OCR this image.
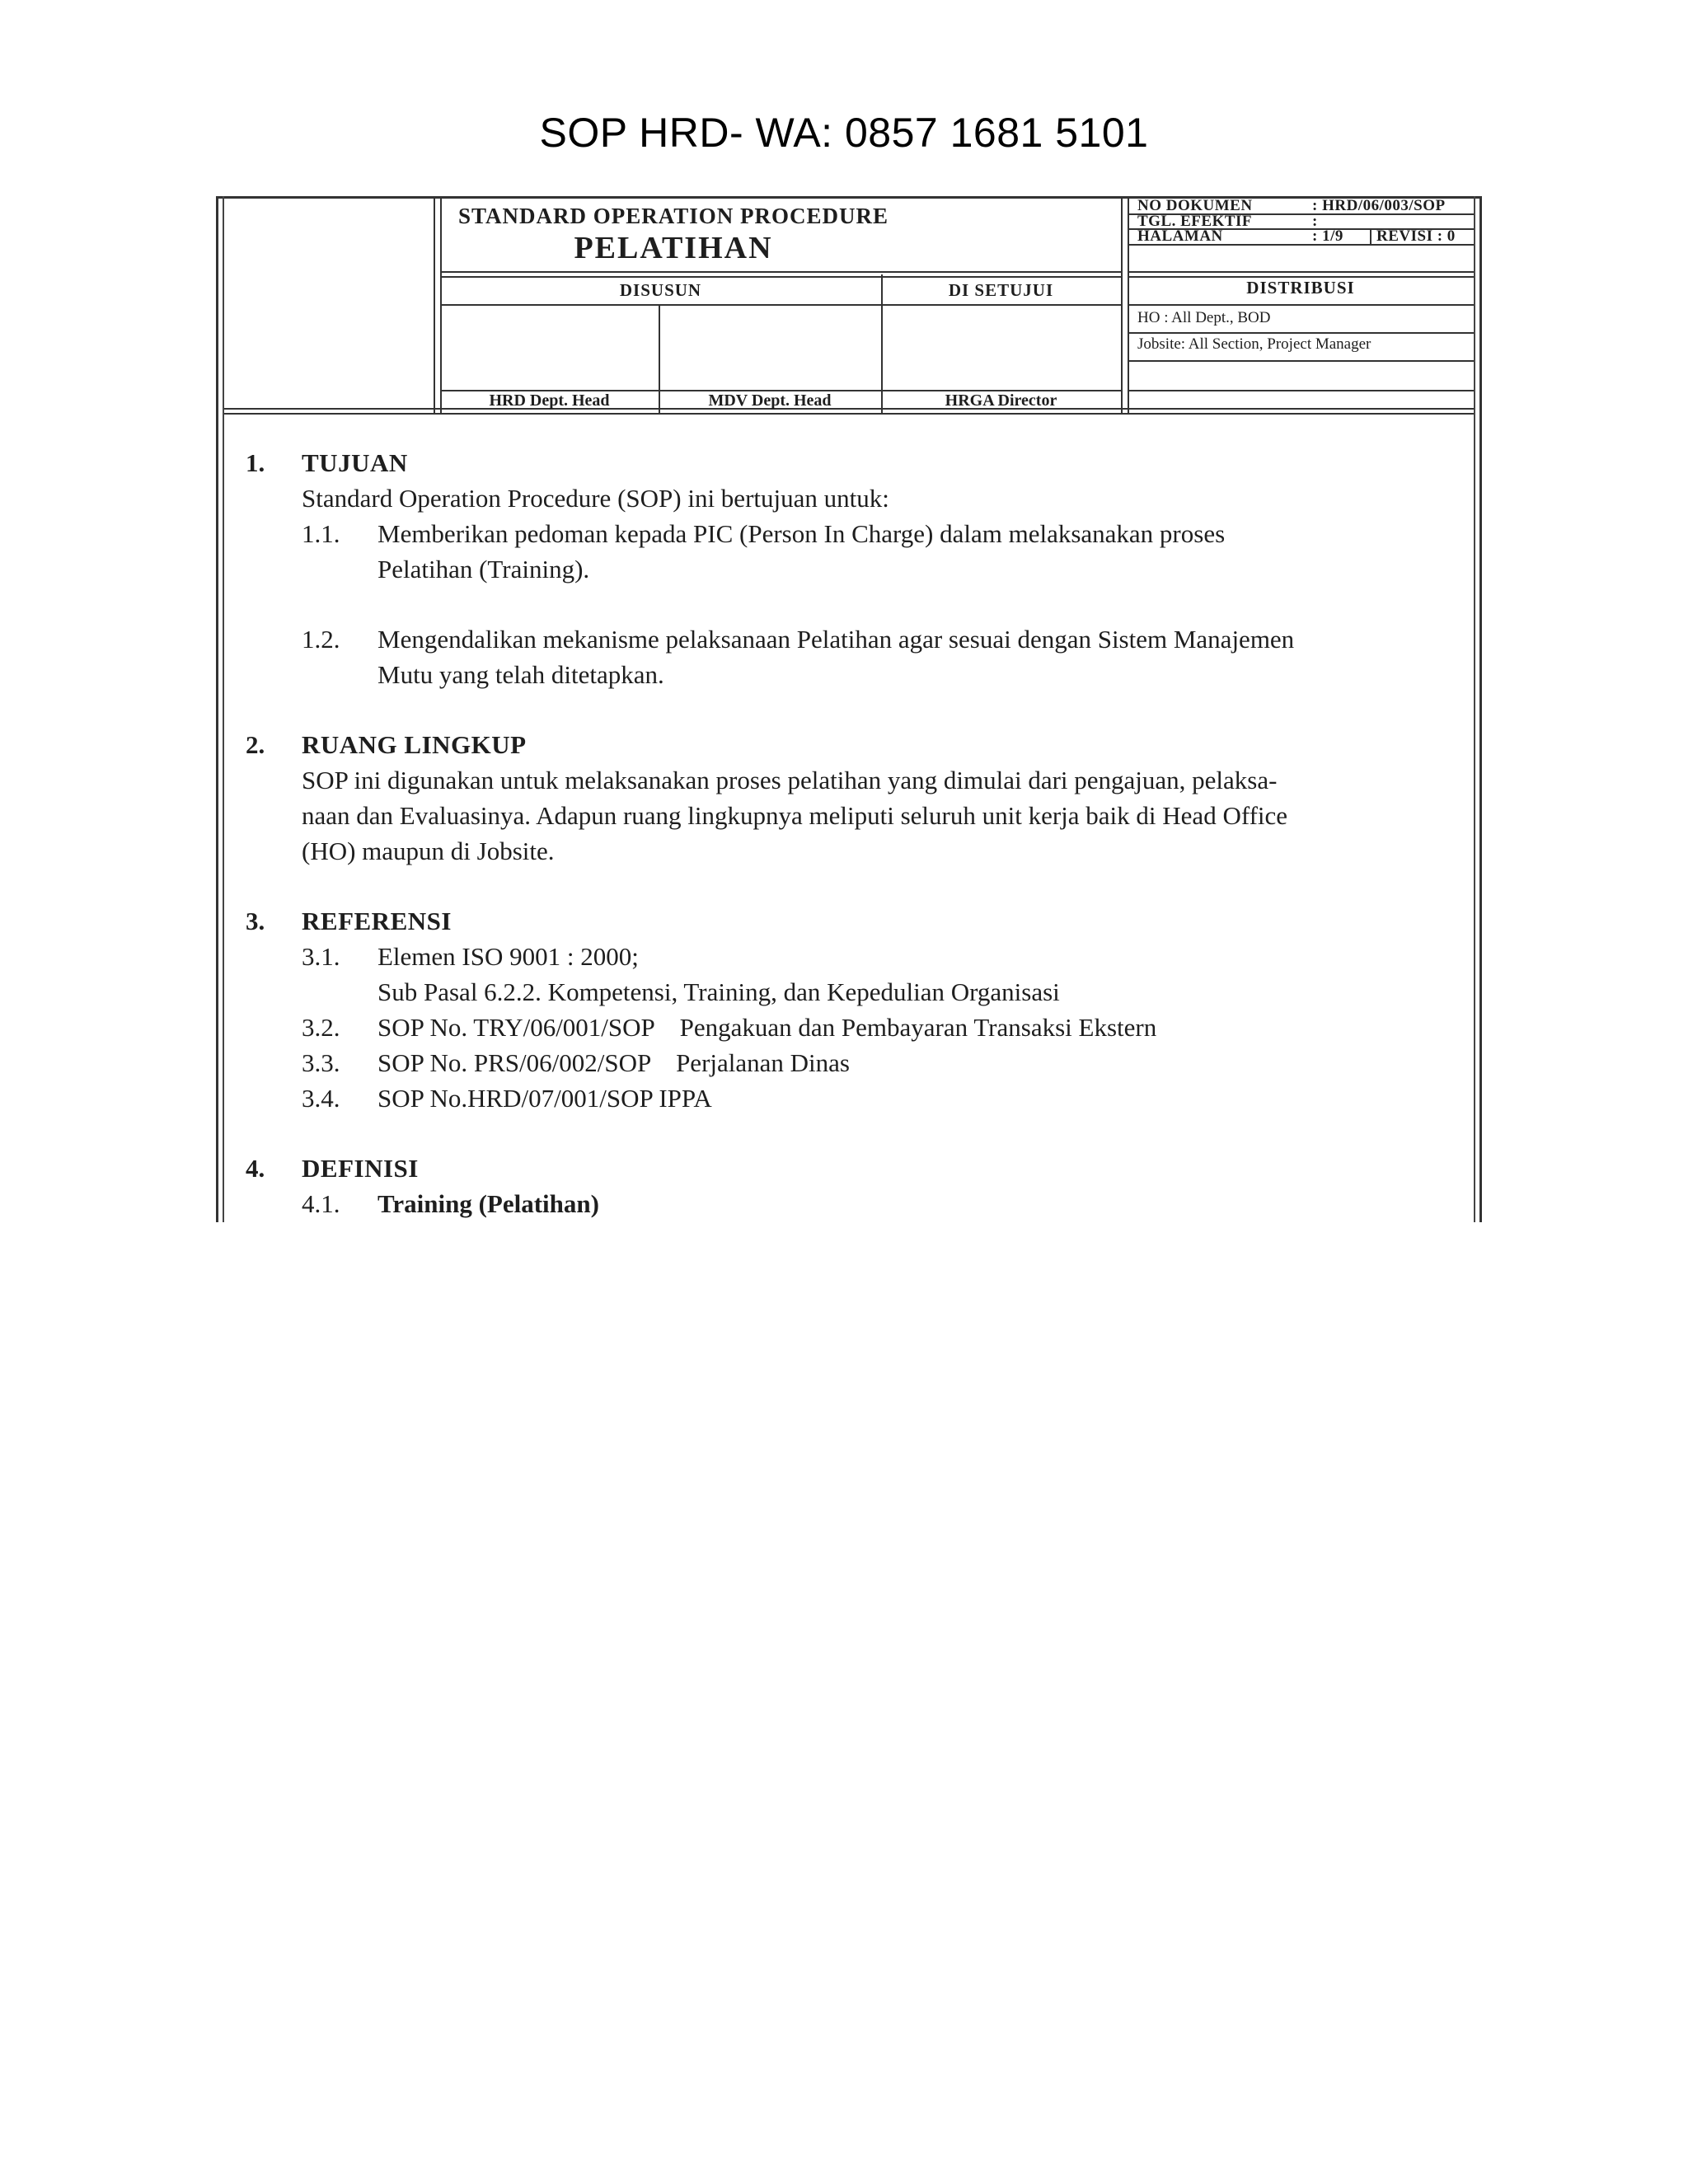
SOP HRD- WA: 0857 1681 5101
STANDARD OPERATION PROCEDURE
PELATIHAN
NO DOKUMEN	: HRD/06/003/SOP
TGL. EFEKTIF	:
HALAMAN	: 1/9 REVISI : 0
DISUSUN	DI SETUJUI	DISTRIBUSI
HO : All Dept., BOD
Jobsite: All Section, Project Manager
HRD Dept. Head	MDV Dept. Head	HRGA Director
1. TUJUAN
Standard Operation Procedure (SOP) ini bertujuan untuk:
1.1. Memberikan pedoman kepada PIC (Person In Charge) dalam melaksanakan proses
Pelatihan (Training).
1.2. Mengendalikan mekanisme pelaksanaan Pelatihan agar sesuai dengan Sistem Manajemen
Mutu yang telah ditetapkan.
2. RUANG LINGKUP
SOP ini digunakan untuk melaksanakan proses pelatihan yang dimulai dari pengajuan, pelaksa-
naan dan Evaluasinya. Adapun ruang lingkupnya meliputi seluruh unit kerja baik di Head Office
(HO) maupun di Jobsite.
3. REFERENSI
3.1. Elemen ISO 9001 : 2000;
Sub Pasal 6.2.2. Kompetensi, Training, dan Kepedulian Organisasi
3.2. SOP No. TRY/06/001/SOP    Pengakuan dan Pembayaran Transaksi Ekstern
3.3. SOP No. PRS/06/002/SOP    Perjalanan Dinas
3.4. SOP No.HRD/07/001/SOP IPPA
4. DEFINISI
4.1. Training (Pelatihan)
